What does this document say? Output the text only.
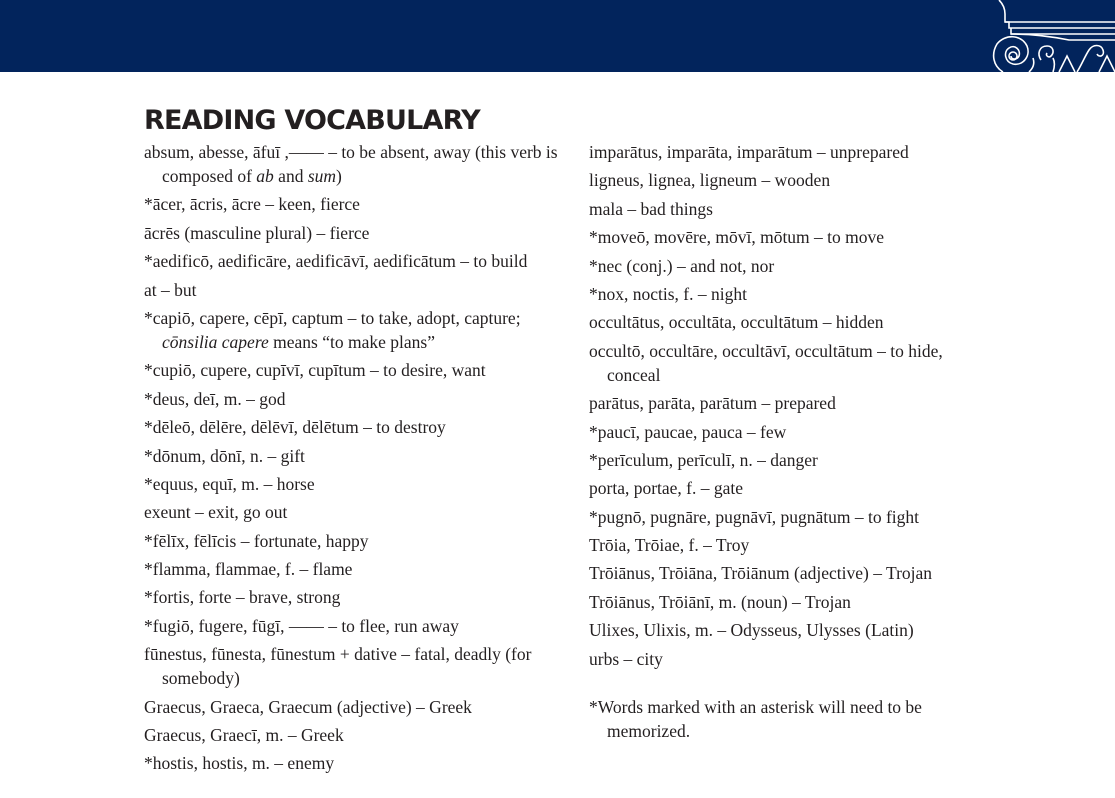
READING VOCABULARY
absum, abesse, āfuī ,—— – to be absent, away (this verb is composed of ab and sum)
*ācer, ācris, ācre – keen, fierce
ācrēs (masculine plural) – fierce
*aedificō, aedificāre, aedificāvī, aedificātum – to build
at – but
*capiō, capere, cēpī, captum – to take, adopt, capture; cōnsilia capere means “to make plans”
*cupiō, cupere, cupīvī, cupītum – to desire, want
*deus, deī, m. – god
*dēleō, dēlēre, dēlēvī, dēlētum – to destroy
*dōnum, dōnī, n. – gift
*equus, equī, m. – horse
exeunt – exit, go out
*fēlīx, fēlīcis – fortunate, happy
*flamma, flammae, f. – flame
*fortis, forte – brave, strong
*fugiō, fugere, fūgī, —— – to flee, run away
fūnestus, fūnesta, fūnestum + dative – fatal, deadly (for somebody)
Graecus, Graeca, Graecum (adjective) – Greek
Graecus, Graecī, m. – Greek
*hostis, hostis, m. – enemy
imparātus, imparāta, imparātum – unprepared
ligneus, lignea, ligneum – wooden
mala – bad things
*moveō, movēre, mōvī, mōtum – to move
*nec (conj.) – and not, nor
*nox, noctis, f. – night
occultātus, occultāta, occultātum – hidden
occultō, occultāre, occultāvī, occultātum – to hide, conceal
parātus, parāta, parātum – prepared
*paucī, paucae, pauca – few
*perīculum, perīculī, n. – danger
porta, portae, f. – gate
*pugnō, pugnāre, pugnāvī, pugnātum – to fight
Trōia, Trōiae, f. – Troy
Trōiānus, Trōiāna, Trōiānum (adjective) – Trojan
Trōiānus, Trōiānī, m. (noun) – Trojan
Ulixes, Ulixis, m. – Odysseus, Ulysses (Latin)
urbs – city
*Words marked with an asterisk will need to be memorized.
